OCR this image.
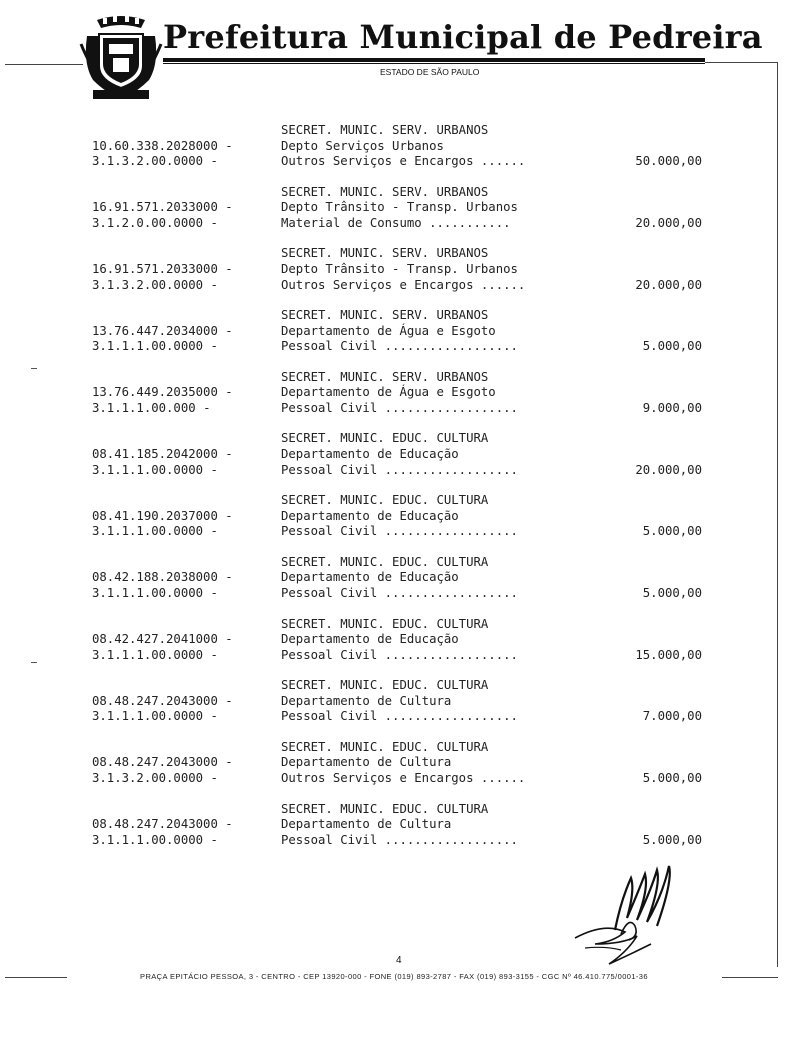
Prefeitura Municipal de Pedreira
ESTADO DE SÃO PAULO
SECRET. MUNIC. SERV. URBANOS
10.60.338.2028000 -	Depto Serviços Urbanos
3.1.3.2.00.0000 -	Outros Serviços e Encargos ......	50.000,00
SECRET. MUNIC. SERV. URBANOS
16.91.571.2033000 -	Depto Trânsito - Transp. Urbanos
3.1.2.0.00.0000 -	Material de Consumo ...........	20.000,00
SECRET. MUNIC. SERV. URBANOS
16.91.571.2033000 -	Depto Trânsito - Transp. Urbanos
3.1.3.2.00.0000 -	Outros Serviços e Encargos ......	20.000,00
SECRET. MUNIC. SERV. URBANOS
13.76.447.2034000 -	Departamento de Água e Esgoto
3.1.1.1.00.0000 -	Pessoal Civil ..................	5.000,00
SECRET. MUNIC. SERV. URBANOS
13.76.449.2035000 -	Departamento de Água e Esgoto
3.1.1.1.00.000 -	Pessoal Civil ..................	9.000,00
SECRET. MUNIC. EDUC. CULTURA
08.41.185.2042000 -	Departamento de Educação
3.1.1.1.00.0000 -	Pessoal Civil ..................	20.000,00
SECRET. MUNIC. EDUC. CULTURA
08.41.190.2037000 -	Departamento de Educação
3.1.1.1.00.0000 -	Pessoal Civil ..................	5.000,00
SECRET. MUNIC. EDUC. CULTURA
08.42.188.2038000 -	Departamento de Educação
3.1.1.1.00.0000 -	Pessoal Civil ..................	5.000,00
SECRET. MUNIC. EDUC. CULTURA
08.42.427.2041000 -	Departamento de Educação
3.1.1.1.00.0000 -	Pessoal Civil ..................	15.000,00
SECRET. MUNIC. EDUC. CULTURA
08.48.247.2043000 -	Departamento de Cultura
3.1.1.1.00.0000 -	Pessoal Civil ..................	7.000,00
SECRET. MUNIC. EDUC. CULTURA
08.48.247.2043000 -	Departamento de Cultura
3.1.3.2.00.0000 -	Outros Serviços e Encargos ......	5.000,00
SECRET. MUNIC. EDUC. CULTURA
08.48.247.2043000 -	Departamento de Cultura
3.1.1.1.00.0000 -	Pessoal Civil ..................	5.000,00
4
PRAÇA EPITÁCIO PESSOA, 3 - CENTRO - CEP 13920-000 - FONE (019) 893-2787 - FAX (019) 893-3155 - CGC Nº 46.410.775/0001-36
